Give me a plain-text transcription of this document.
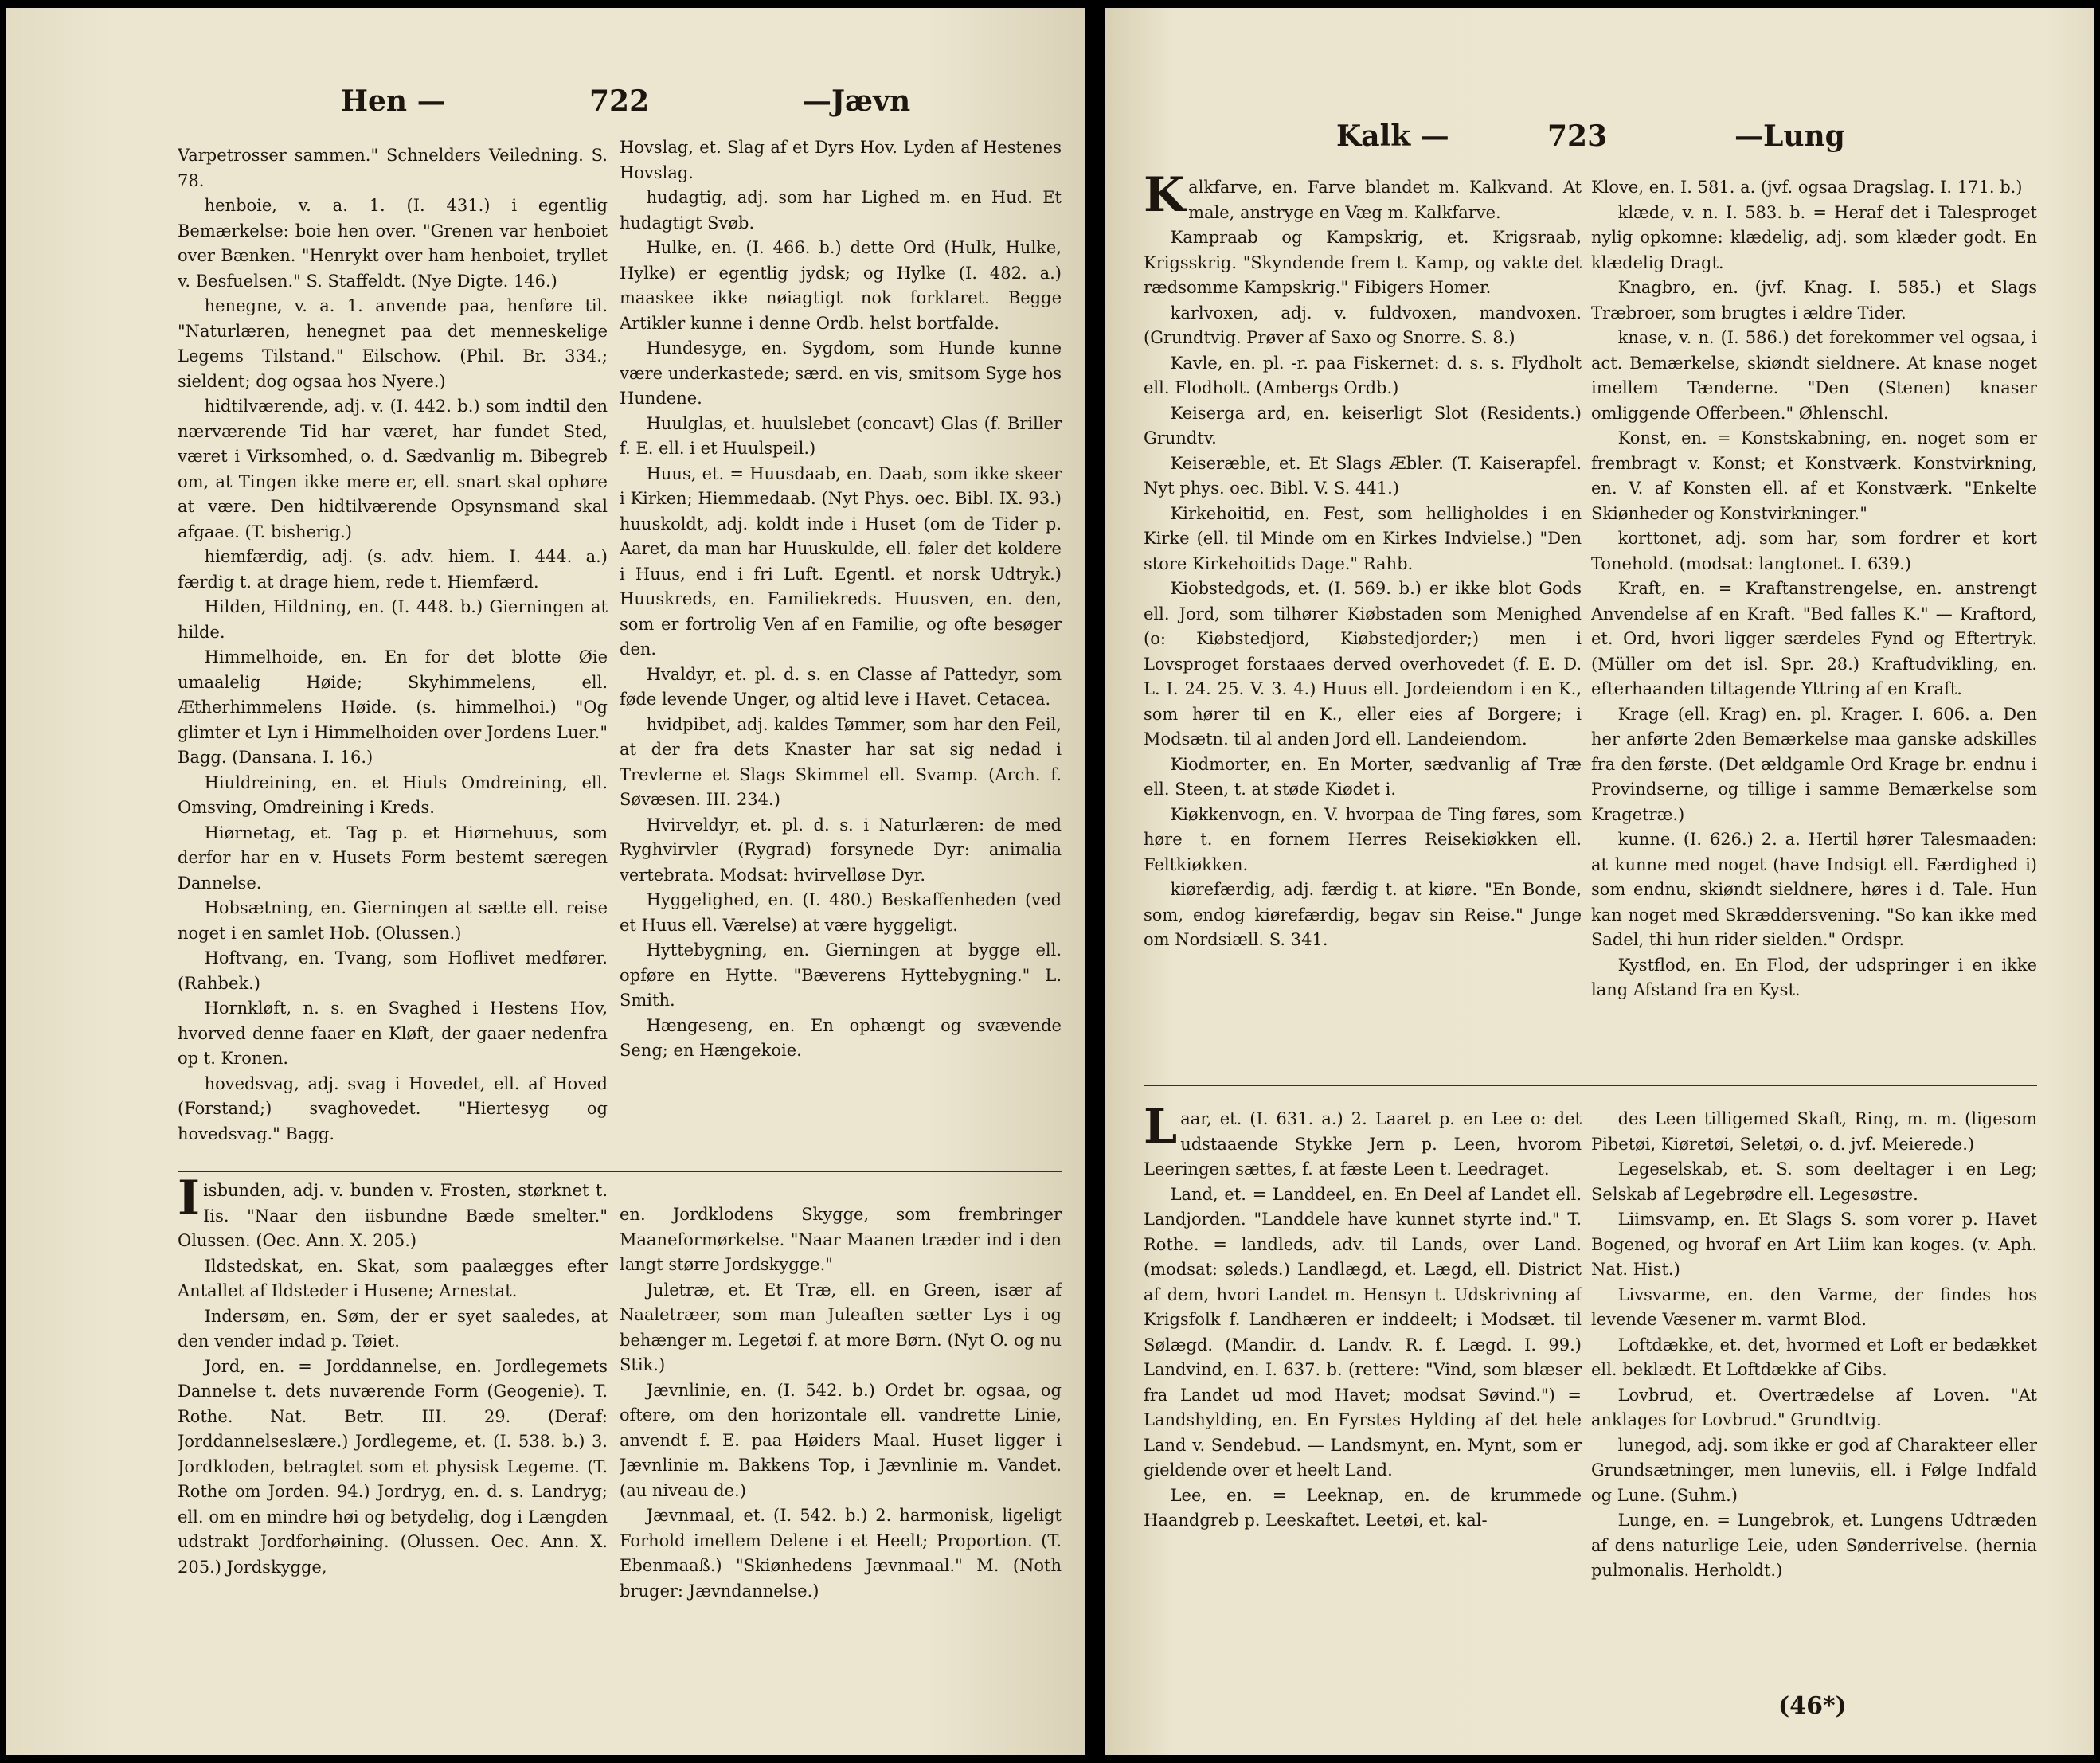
Hen —	722	—Jævn

Varpetrosser sammen." Schnelders Veiledning. S. 78.

henboie, v. a. 1. (I. 431.) i egentlig Bemærkelse: boie hen over. "Grenen var henboiet over Bænken. "Henrykt over ham henboiet, tryllet v. Besfuelsen." S. Staffeldt. (Nye Digte. 146.)

henegne, v. a. 1. anvende paa, henføre til. "Naturlæren, henegnet paa det menneskelige Legems Tilstand." Eilschow. (Phil. Br. 334.; sieldent; dog ogsaa hos Nyere.)

hidtilværende, adj. v. (I. 442. b.) som indtil den nærværende Tid har været, har fundet Sted, været i Virksomhed, o. d. Sædvanlig m. Bibegreb om, at Tingen ikke mere er, ell. snart skal ophøre at være. Den hidtilværende Opsynsmand skal afgaae. (T. bisherig.)

hiemfærdig, adj. (s. adv. hiem. I. 444. a.) færdig t. at drage hiem, rede t. Hiemfærd.

Hilden, Hildning, en. (I. 448. b.) Gierningen at hilde.

Himmelhoide, en. En for det blotte Øie umaalelig Høide; Skyhimmelens, ell. Ætherhimmelens Høide. (s. himmelhoi.) "Og glimter et Lyn i Himmelhoiden over Jordens Luer." Bagg. (Dansana. I. 16.)

Hiuldreining, en. et Hiuls Omdreining, ell. Omsving, Omdreining i Kreds.

Hiørnetag, et. Tag p. et Hiørnehuus, som derfor har en v. Husets Form bestemt særegen Dannelse.

Hobsætning, en. Gierningen at sætte ell. reise noget i en samlet Hob. (Olussen.)

Hoftvang, en. Tvang, som Hoflivet medfører. (Rahbek.)

Hornkløft, n. s. en Svaghed i Hestens Hov, hvorved denne faaer en Kløft, der gaaer nedenfra op t. Kronen.

hovedsvag, adj. svag i Hovedet, ell. af Hoved (Forstand;) svaghovedet. "Hiertesyg og hovedsvag." Bagg.

Hovslag, et. Slag af et Dyrs Hov. Lyden af Hestenes Hovslag.

hudagtig, adj. som har Lighed m. en Hud. Et hudagtigt Svøb.

Hulke, en. (I. 466. b.) dette Ord (Hulk, Hulke, Hylke) er egentlig jydsk; og Hylke (I. 482. a.) maaskee ikke nøiagtigt nok forklaret. Begge Artikler kunne i denne Ordb. helst bortfalde.

Hundesyge, en. Sygdom, som Hunde kunne være underkastede; særd. en vis, smitsom Syge hos Hundene.

Huulglas, et. huulslebet (concavt) Glas (f. Briller f. E. ell. i et Huulspeil.)

Huus, et. = Huusdaab, en. Daab, som ikke skeer i Kirken; Hiemmedaab. (Nyt Phys. oec. Bibl. IX. 93.) huuskoldt, adj. koldt inde i Huset (om de Tider p. Aaret, da man har Huuskulde, ell. føler det koldere i Huus, end i fri Luft. Egentl. et norsk Udtryk.) Huuskreds, en. Familiekreds. Huusven, en. den, som er fortrolig Ven af en Familie, og ofte besøger den.

Hvaldyr, et. pl. d. s. en Classe af Pattedyr, som føde levende Unger, og altid leve i Havet. Cetacea.

hvidpibet, adj. kaldes Tømmer, som har den Feil, at der fra dets Knaster har sat sig nedad i Trevlerne et Slags Skimmel ell. Svamp. (Arch. f. Søvæsen. III. 234.)

Hvirveldyr, et. pl. d. s. i Naturlæren: de med Ryghvirvler (Rygrad) forsynede Dyr: animalia vertebrata. Modsat: hvirvelløse Dyr.

Hyggelighed, en. (I. 480.) Beskaffenheden (ved et Huus ell. Værelse) at være hyggeligt.

Hyttebygning, en. Gierningen at bygge ell. opføre en Hytte. "Bæverens Hyttebygning." L. Smith.

Hængeseng, en. En ophængt og svævende Seng; en Hængekoie.

Iisbunden, adj. v. bunden v. Frosten, størknet t. Iis. "Naar den iisbundne Bæde smelter." Olussen. (Oec. Ann. X. 205.)

Ildstedskat, en. Skat, som paalægges efter Antallet af Ildsteder i Husene; Arnestat.

Indersøm, en. Søm, der er syet saaledes, at den vender indad p. Tøiet.

Jord, en. = Jorddannelse, en. Jordlegemets Dannelse t. dets nuværende Form (Geogenie). T. Rothe. Nat. Betr. III. 29. (Deraf: Jorddannelseslære.) Jordlegeme, et. (I. 538. b.) 3. Jordkloden, betragtet som et physisk Legeme. (T. Rothe om Jorden. 94.) Jordryg, en. d. s. Landryg; ell. om en mindre høi og betydelig, dog i Længden udstrakt Jordforhøining. (Olussen. Oec. Ann. X. 205.) Jordskygge,

en. Jordklodens Skygge, som frembringer Maaneformørkelse. "Naar Maanen træder ind i den langt større Jordskygge."

Juletræ, et. Et Træ, ell. en Green, især af Naaletræer, som man Juleaften sætter Lys i og behænger m. Legetøi f. at more Børn. (Nyt O. og nu Stik.)

Jævnlinie, en. (I. 542. b.) Ordet br. ogsaa, og oftere, om den horizontale ell. vandrette Linie, anvendt f. E. paa Høiders Maal. Huset ligger i Jævnlinie m. Bakkens Top, i Jævnlinie m. Vandet. (au niveau de.)

Jævnmaal, et. (I. 542. b.) 2. harmonisk, ligeligt Forhold imellem Delene i et Heelt; Proportion. (T. Ebenmaaß.) "Skiønhedens Jævnmaal." M. (Noth bruger: Jævndannelse.)

Kalk —	723	—Lung

Kalkfarve, en. Farve blandet m. Kalkvand. At male, anstryge en Væg m. Kalkfarve.

Kampraab og Kampskrig, et. Krigsraab, Krigsskrig. "Skyndende frem t. Kamp, og vakte det rædsomme Kampskrig." Fibigers Homer.

karlvoxen, adj. v. fuldvoxen, mandvoxen. (Grundtvig. Prøver af Saxo og Snorre. S. 8.)

Kavle, en. pl. -r. paa Fiskernet: d. s. s. Flydholt ell. Flodholt. (Ambergs Ordb.)

Keiserga ard, en. keiserligt Slot (Residents.) Grundtv.

Keiseræble, et. Et Slags Æbler. (T. Kaiserapfel. Nyt phys. oec. Bibl. V. S. 441.)

Kirkehoitid, en. Fest, som helligholdes i en Kirke (ell. til Minde om en Kirkes Indvielse.) "Den store Kirkehoitids Dage." Rahb.

Kiobstedgods, et. (I. 569. b.) er ikke blot Gods ell. Jord, som tilhører Kiøbstaden som Menighed (o: Kiøbstedjord, Kiøbstedjorder;) men i Lovsproget forstaaes derved overhovedet (f. E. D. L. I. 24. 25. V. 3. 4.) Huus ell. Jordeiendom i en K., som hører til en K., eller eies af Borgere; i Modsætn. til al anden Jord ell. Landeiendom.

Kiodmorter, en. En Morter, sædvanlig af Træ ell. Steen, t. at støde Kiødet i.

Kiøkkenvogn, en. V. hvorpaa de Ting føres, som høre t. en fornem Herres Reisekiøkken ell. Feltkiøkken.

kiørefærdig, adj. færdig t. at kiøre. "En Bonde, som, endog kiørefærdig, begav sin Reise." Junge om Nordsiæll. S. 341.

Klove, en. I. 581. a. (jvf. ogsaa Dragslag. I. 171. b.)

klæde, v. n. I. 583. b. = Heraf det i Talesproget nylig opkomne: klædelig, adj. som klæder godt. En klædelig Dragt.

Knagbro, en. (jvf. Knag. I. 585.) et Slags Træbroer, som brugtes i ældre Tider.

knase, v. n. (I. 586.) det forekommer vel ogsaa, i act. Bemærkelse, skiøndt sieldnere. At knase noget imellem Tænderne. "Den (Stenen) knaser omliggende Offerbeen." Øhlenschl.

Konst, en. = Konstskabning, en. noget som er frembragt v. Konst; et Konstværk. Konstvirkning, en. V. af Konsten ell. af et Konstværk. "Enkelte Skiønheder og Konstvirkninger."

korttonet, adj. som har, som fordrer et kort Tonehold. (modsat: langtonet. I. 639.)

Kraft, en. = Kraftanstrengelse, en. anstrengt Anvendelse af en Kraft. "Bed falles K." — Kraftord, et. Ord, hvori ligger særdeles Fynd og Eftertryk. (Müller om det isl. Spr. 28.) Kraftudvikling, en. efterhaanden tiltagende Yttring af en Kraft.

Krage (ell. Krag) en. pl. Krager. I. 606. a. Den her anførte 2den Bemærkelse maa ganske adskilles fra den første. (Det ældgamle Ord Krage br. endnu i Provindserne, og tillige i samme Bemærkelse som Kragetræ.)

kunne. (I. 626.) 2. a. Hertil hører Talesmaaden: at kunne med noget (have Indsigt ell. Færdighed i) som endnu, skiøndt sieldnere, høres i d. Tale. Hun kan noget med Skræddersvening. "So kan ikke med Sadel, thi hun rider sielden." Ordspr.

Kystflod, en. En Flod, der udspringer i en ikke lang Afstand fra en Kyst.

Laar, et. (I. 631. a.) 2. Laaret p. en Lee o: det udstaaende Stykke Jern p. Leen, hvorom Leeringen sættes, f. at fæste Leen t. Leedraget.

Land, et. = Landdeel, en. En Deel af Landet ell. Landjorden. "Landdele have kunnet styrte ind." T. Rothe. = landleds, adv. til Lands, over Land. (modsat: søleds.) Landlægd, et. Lægd, ell. District af dem, hvori Landet m. Hensyn t. Udskrivning af Krigsfolk f. Landhæren er inddeelt; i Modsæt. til Sølægd. (Mandir. d. Landv. R. f. Lægd. I. 99.) Landvind, en. I. 637. b. (rettere: "Vind, som blæser fra Landet ud mod Havet; modsat Søvind.") = Landshylding, en. En Fyrstes Hylding af det hele Land v. Sendebud. — Landsmynt, en. Mynt, som er gieldende over et heelt Land.

Lee, en. = Leeknap, en. de krummede Haandgreb p. Leeskaftet. Leetøi, et. kal-

des Leen tilligemed Skaft, Ring, m. m. (ligesom Pibetøi, Kiøretøi, Seletøi, o. d. jvf. Meierede.)

Legeselskab, et. S. som deeltager i en Leg; Selskab af Legebrødre ell. Legesøstre.

Liimsvamp, en. Et Slags S. som vorer p. Havet Bogened, og hvoraf en Art Liim kan koges. (v. Aph. Nat. Hist.)

Livsvarme, en. den Varme, der findes hos levende Væsener m. varmt Blod.

Loftdække, et. det, hvormed et Loft er bedækket ell. beklædt. Et Loftdække af Gibs.

Lovbrud, et. Overtrædelse af Loven. "At anklages for Lovbrud." Grundtvig.

lunegod, adj. som ikke er god af Charakteer eller Grundsætninger, men luneviis, ell. i Følge Indfald og Lune. (Suhm.)

Lunge, en. = Lungebrok, et. Lungens Udtræden af dens naturlige Leie, uden Sønderrivelse. (hernia pulmonalis. Herholdt.)

(46*)
